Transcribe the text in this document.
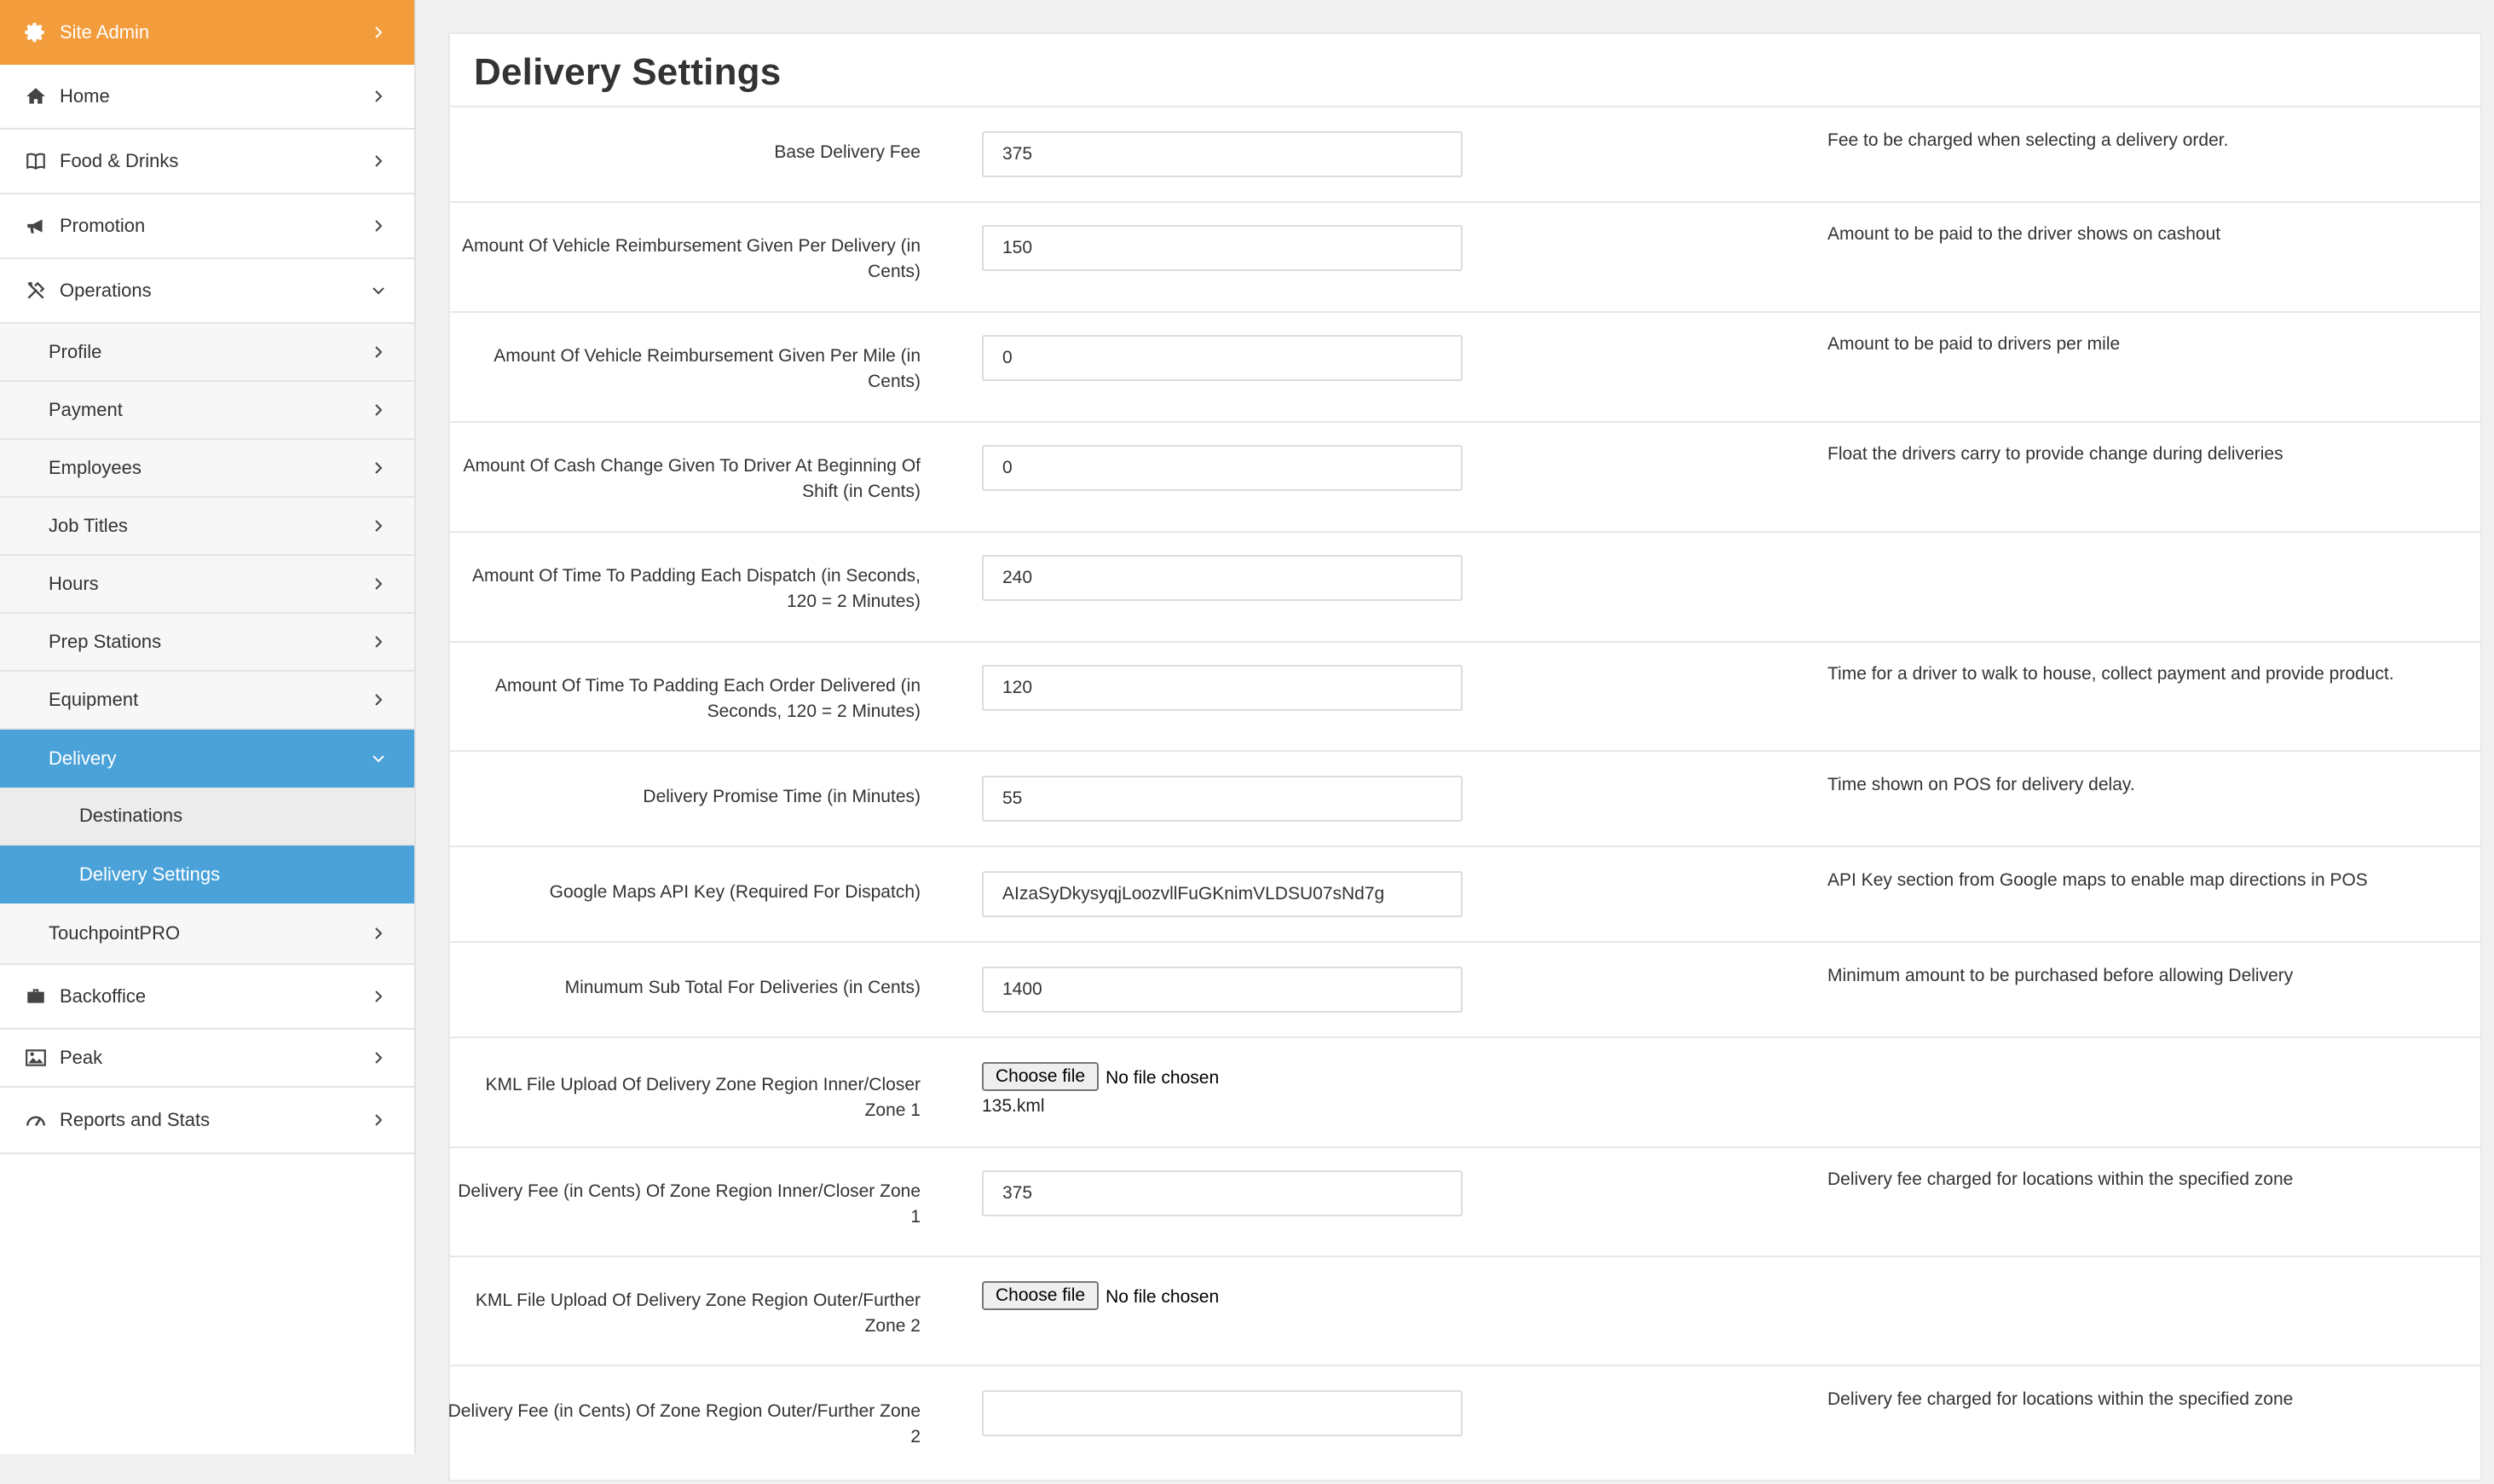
Site Admin
Home
Food & Drinks
Promotion
Operations
Profile
Payment
Employees
Job Titles
Hours
Prep Stations
Equipment
Delivery
Destinations
Delivery Settings
TouchpointPRO
Backoffice
Peak
Reports and Stats
Delivery Settings
Base Delivery Fee
375
Fee to be charged when selecting a delivery order.
Amount Of Vehicle Reimbursement Given Per Delivery (in Cents)
150
Amount to be paid to the driver shows on cashout
Amount Of Vehicle Reimbursement Given Per Mile (in Cents)
0
Amount to be paid to drivers per mile
Amount Of Cash Change Given To Driver At Beginning Of Shift (in Cents)
0
Float the drivers carry to provide change during deliveries
Amount Of Time To Padding Each Dispatch (in Seconds, 120 = 2 Minutes)
240
Amount Of Time To Padding Each Order Delivered (in Seconds, 120 = 2 Minutes)
120
Time for a driver to walk to house, collect payment and provide product.
Delivery Promise Time (in Minutes)
55
Time shown on POS for delivery delay.
Google Maps API Key (Required For Dispatch)
AIzaSyDkysyqjLoozvllFuGKnimVLDSU07sNd7g
API Key section from Google maps to enable map directions in POS
Minumum Sub Total For Deliveries (in Cents)
1400
Minimum amount to be purchased before allowing Delivery
KML File Upload Of Delivery Zone Region Inner/Closer Zone 1
Choose file No file chosen
135.kml
Delivery Fee (in Cents) Of Zone Region Inner/Closer Zone 1
375
Delivery fee charged for locations within the specified zone
KML File Upload Of Delivery Zone Region Outer/Further Zone 2
Choose file No file chosen
Delivery Fee (in Cents) Of Zone Region Outer/Further Zone 2
Delivery fee charged for locations within the specified zone
